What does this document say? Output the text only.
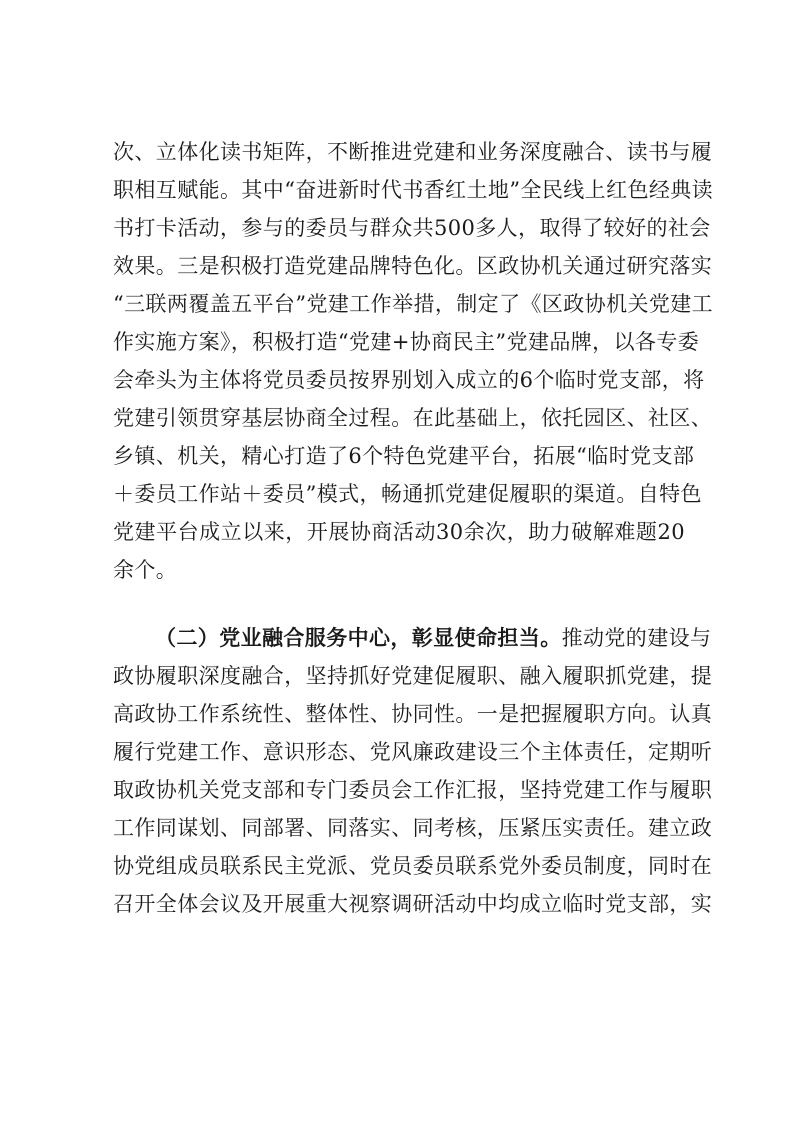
次、立体化读书矩阵，不断推进党建和业务深度融合、读书与履
职相互赋能。其中“奋进新时代书香红土地”全民线上红色经典读
书打卡活动，参与的委员与群众共500多人，取得了较好的社会
效果。三是积极打造党建品牌特色化。区政协机关通过研究落实
“三联两覆盖五平台”党建工作举措，制定了《区政协机关党建工
作实施方案》，积极打造“党建+协商民主”党建品牌，以各专委
会牵头为主体将党员委员按界别划入成立的6个临时党支部，将
党建引领贯穿基层协商全过程。在此基础上，依托园区、社区、
乡镇、机关，精心打造了6个特色党建平台，拓展“临时党支部
＋委员工作站＋委员”模式，畅通抓党建促履职的渠道。自特色
党建平台成立以来，开展协商活动30余次，助力破解难题20
余个。
（二）党业融合服务中心，彰显使命担当。推动党的建设与
政协履职深度融合，坚持抓好党建促履职、融入履职抓党建，提
高政协工作系统性、整体性、协同性。一是把握履职方向。认真
履行党建工作、意识形态、党风廉政建设三个主体责任，定期听
取政协机关党支部和专门委员会工作汇报，坚持党建工作与履职
工作同谋划、同部署、同落实、同考核，压紧压实责任。建立政
协党组成员联系民主党派、党员委员联系党外委员制度，同时在
召开全体会议及开展重大视察调研活动中均成立临时党支部，实
